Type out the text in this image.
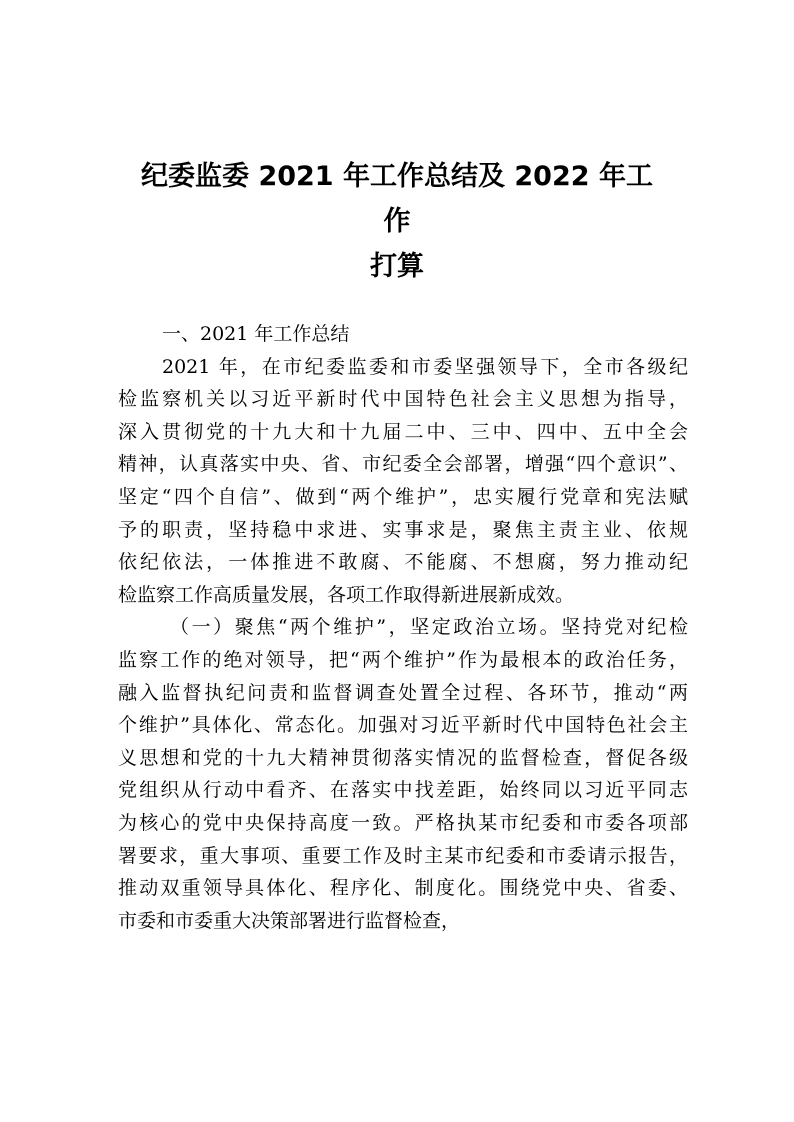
纪委监委 2021 年工作总结及 2022 年工
作
打算
一、2021 年工作总结
2021 年，在市纪委监委和市委坚强领导下，全市各级纪
检监察机关以习近平新时代中国特色社会主义思想为指导，
深入贯彻党的十九大和十九届二中、三中、四中、五中全会
精神，认真落实中央、省、市纪委全会部署，增强“四个意识”、
坚定“四个自信”、做到“两个维护”，忠实履行党章和宪法赋
予的职责，坚持稳中求进、实事求是，聚焦主责主业、依规
依纪依法，一体推进不敢腐、不能腐、不想腐，努力推动纪
检监察工作高质量发展，各项工作取得新进展新成效。
（一）聚焦“两个维护”，坚定政治立场。坚持党对纪检
监察工作的绝对领导，把“两个维护”作为最根本的政治任务，
融入监督执纪问责和监督调查处置全过程、各环节，推动“两
个维护”具体化、常态化。加强对习近平新时代中国特色社会主
义思想和党的十九大精神贯彻落实情况的监督检查，督促各级
党组织从行动中看齐、在落实中找差距，始终同以习近平同志
为核心的党中央保持高度一致。严格执某市纪委和市委各项部
署要求，重大事项、重要工作及时主某市纪委和市委请示报告，
推动双重领导具体化、程序化、制度化。围绕党中央、省委、
市委和市委重大决策部署进行监督检查，
